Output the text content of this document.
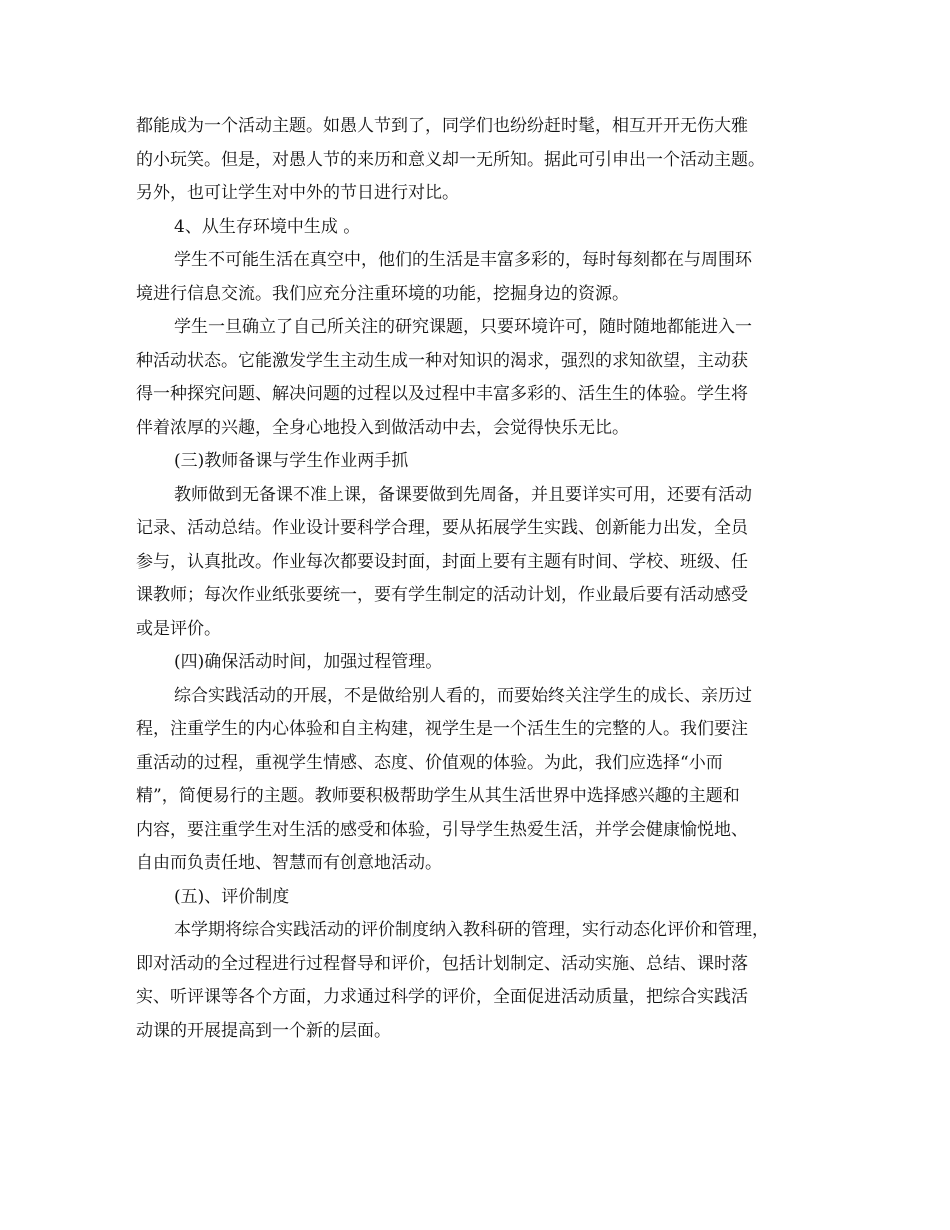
都能成为一个活动主题。如愚人节到了，同学们也纷纷赶时髦，相互开开无伤大雅
的小玩笑。但是，对愚人节的来历和意义却一无所知。据此可引申出一个活动主题。
另外，也可让学生对中外的节日进行对比。
4、从生存环境中生成 。
学生不可能生活在真空中，他们的生活是丰富多彩的，每时每刻都在与周围环
境进行信息交流。我们应充分注重环境的功能，挖掘身边的资源。
学生一旦确立了自己所关注的研究课题，只要环境许可，随时随地都能进入一
种活动状态。它能激发学生主动生成一种对知识的渴求，强烈的求知欲望，主动获
得一种探究问题、解决问题的过程以及过程中丰富多彩的、活生生的体验。学生将
伴着浓厚的兴趣，全身心地投入到做活动中去，会觉得快乐无比。
(三)教师备课与学生作业两手抓
教师做到无备课不准上课，备课要做到先周备，并且要详实可用，还要有活动
记录、活动总结。作业设计要科学合理，要从拓展学生实践、创新能力出发，全员
参与，认真批改。作业每次都要设封面，封面上要有主题有时间、学校、班级、任
课教师；每次作业纸张要统一，要有学生制定的活动计划，作业最后要有活动感受
或是评价。
(四)确保活动时间，加强过程管理。
综合实践活动的开展，不是做给别人看的，而要始终关注学生的成长、亲历过
程，注重学生的内心体验和自主构建，视学生是一个活生生的完整的人。我们要注
重活动的过程，重视学生情感、态度、价值观的体验。为此，我们应选择“小而
精”，简便易行的主题。教师要积极帮助学生从其生活世界中选择感兴趣的主题和
内容，要注重学生对生活的感受和体验，引导学生热爱生活，并学会健康愉悦地、
自由而负责任地、智慧而有创意地活动。
(五)、评价制度
本学期将综合实践活动的评价制度纳入教科研的管理，实行动态化评价和管理，
即对活动的全过程进行过程督导和评价，包括计划制定、活动实施、总结、课时落
实、听评课等各个方面，力求通过科学的评价，全面促进活动质量，把综合实践活
动课的开展提高到一个新的层面。
